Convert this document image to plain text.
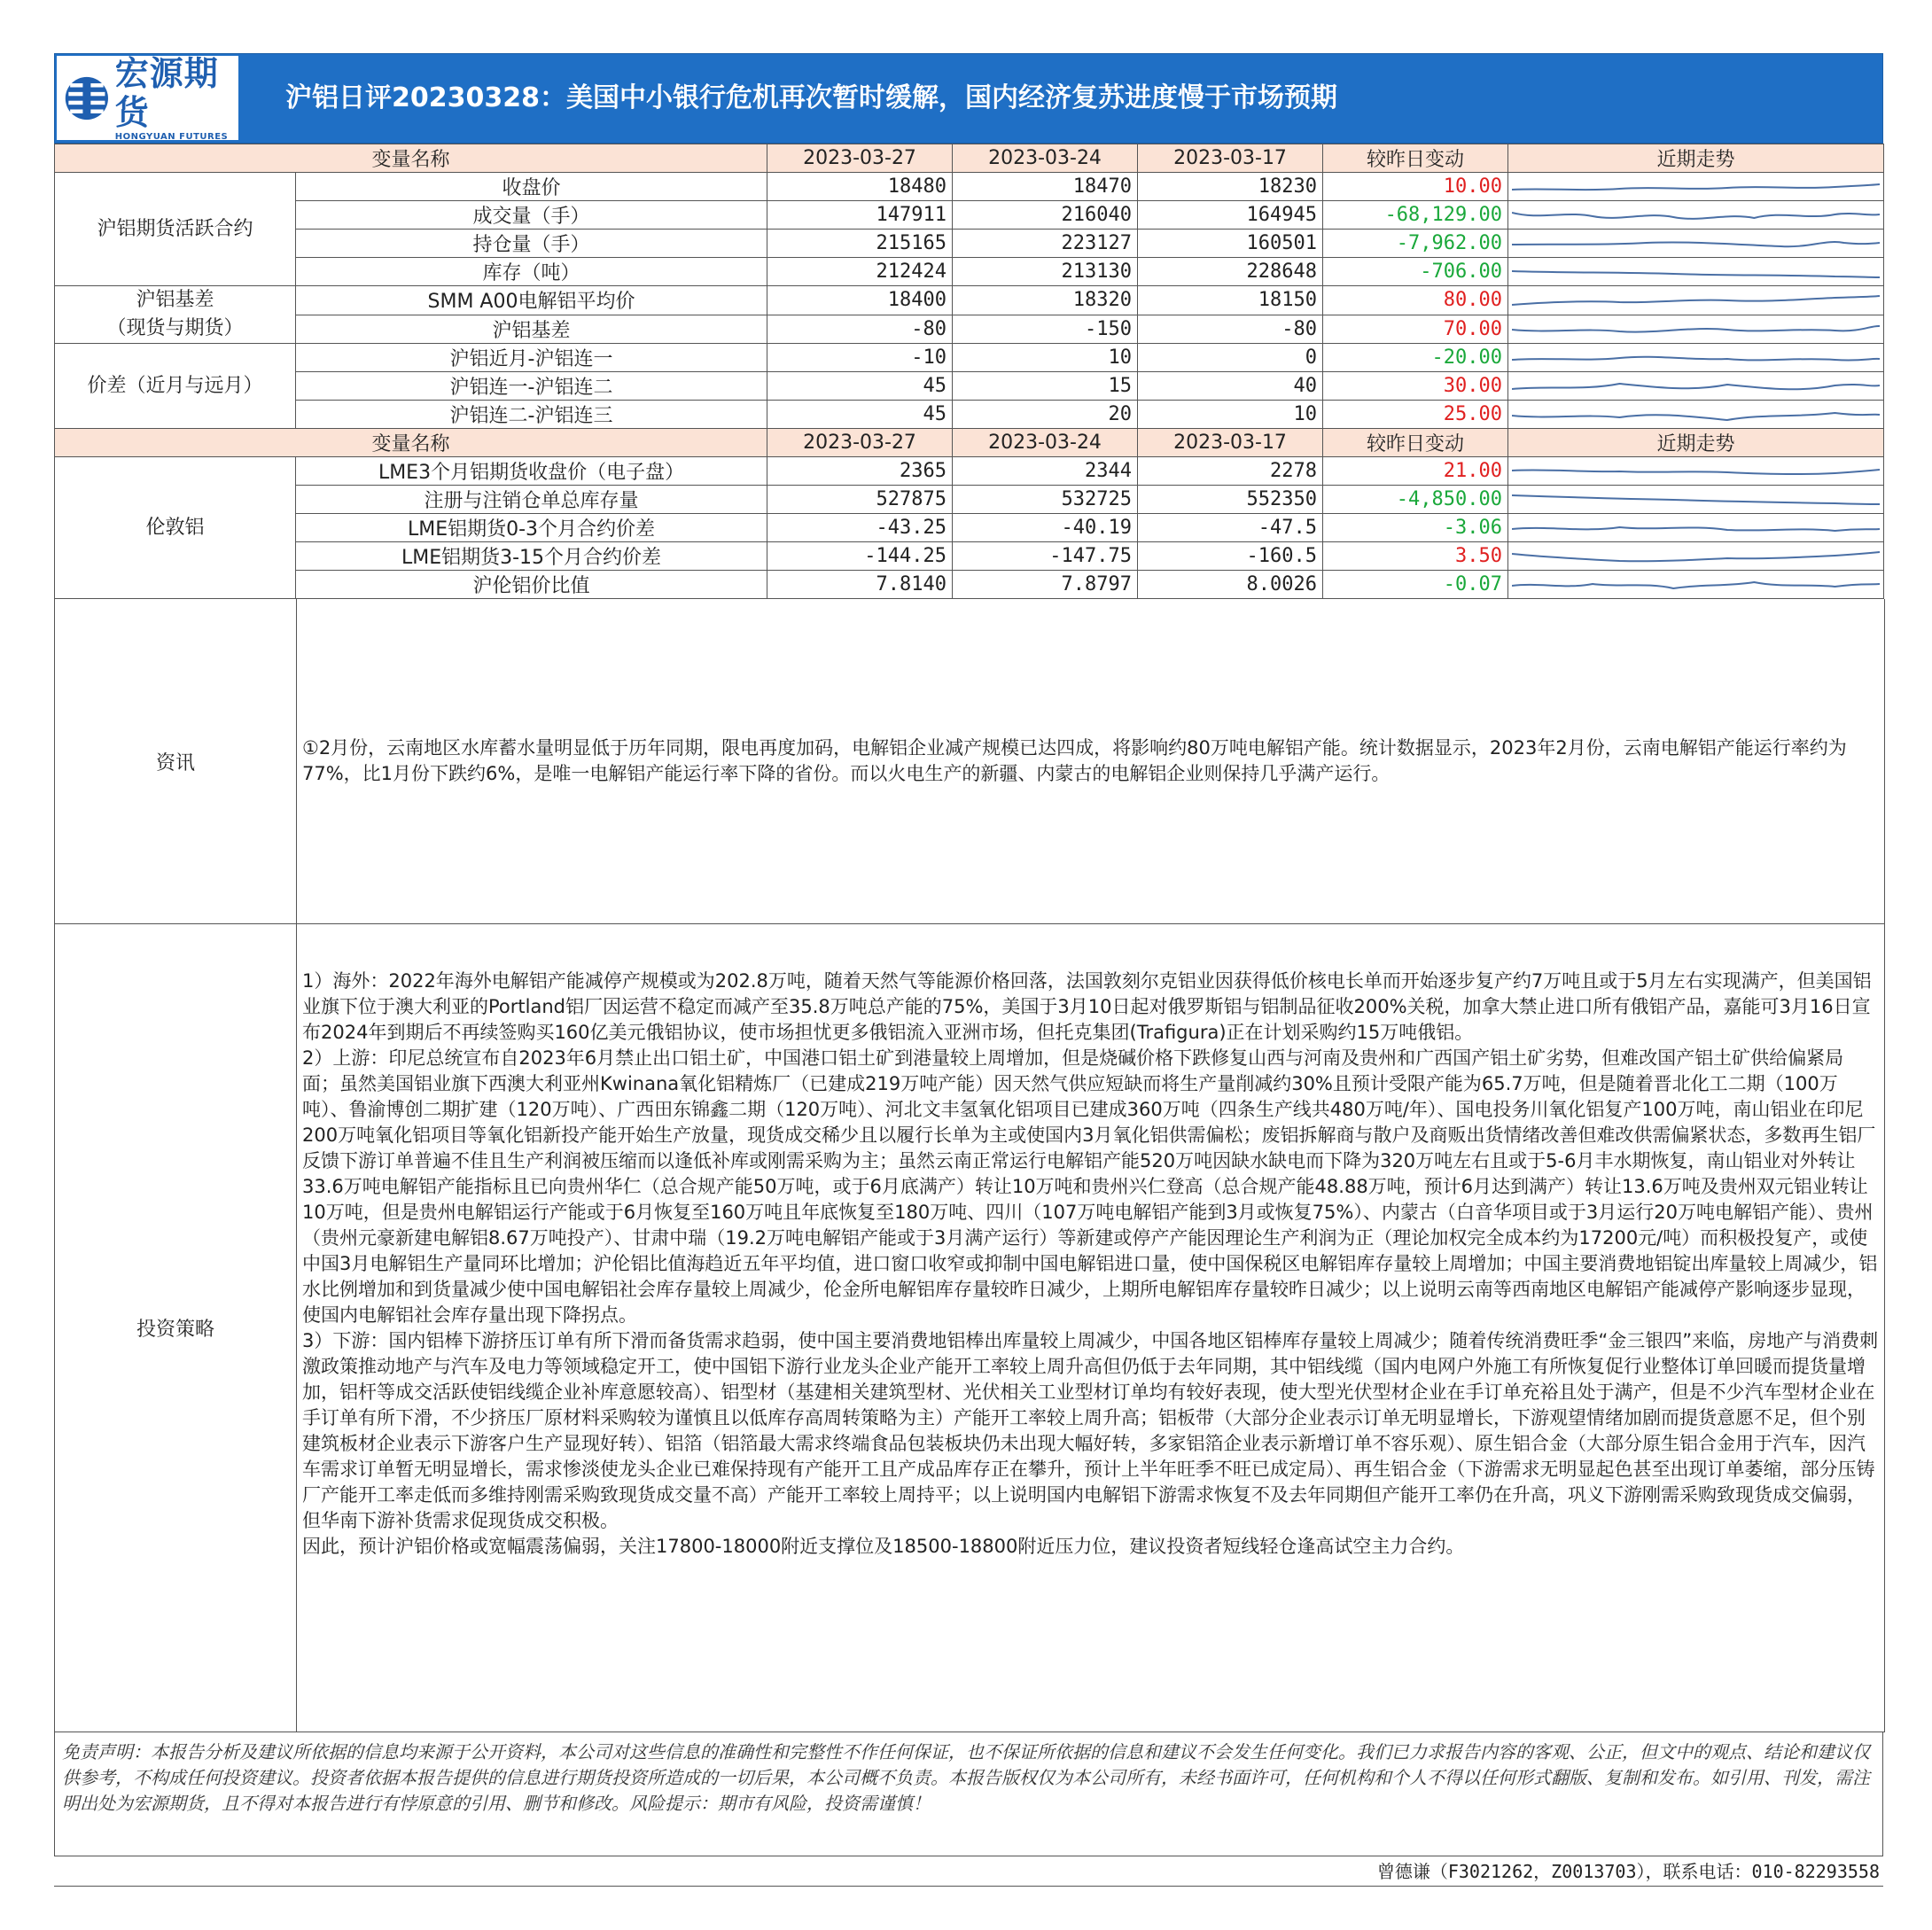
宏源期货
HONGYUAN FUTURES
沪铝日评20230328：美国中小银行危机再次暂时缓解，国内经济复苏进度慢于市场预期
变量名称		2023-03-27	2023-03-24	2023-03-17	较昨日变动	近期走势

沪铝期货活跃合约	收盘价	18480	18470	18230	10.00	

	成交量（手）	147911	216040	164945	-68,129.00	

	持仓量（手）	215165	223127	160501	-7,962.00	

	库存（吨）	212424	213130	228648	-706.00	

沪铝基差
（现货与期货）	SMM A00电解铝平均价	18400	18320	18150	80.00	

	沪铝基差	-80	-150	-80	70.00	

价差（近月与远月）	沪铝近月-沪铝连一	-10	10	0	-20.00	

	沪铝连一-沪铝连二	45	15	40	30.00	

	沪铝连二-沪铝连三	45	20	10	25.00	

变量名称		2023-03-27	2023-03-24	2023-03-17	较昨日变动	近期走势

伦敦铝	LME3个月铝期货收盘价（电子盘）	2365	2344	2278	21.00	

	注册与注销仓单总库存量	527875	532725	552350	-4,850.00	

	LME铝期货0-3个月合约价差	-43.25	-40.19	-47.5	-3.06	

	LME铝期货3-15个月合约价差	-144.25	-147.75	-160.5	3.50	

	沪伦铝价比值	7.8140	7.8797	8.0026	-0.07	
资讯
①2月份，云南地区水库蓄水量明显低于历年同期，限电再度加码，电解铝企业减产规模已达四成，将影响约80万吨电解铝产能。统计数据显示，2023年2月份，云南电解铝产能运行率约为77%，比1月份下跌约6%，是唯一电解铝产能运行率下降的省份。而以火电生产的新疆、内蒙古的电解铝企业则保持几乎满产运行。
投资策略

1）海外：2022年海外电解铝产能减停产规模或为202.8万吨，随着天然气等能源价格回落，法国敦刻尔克铝业因获得低价核电长单而开始逐步复产约7万吨且或于5月左右实现满产，但美国铝业旗下位于澳大利亚的Portland铝厂因运营不稳定而减产至35.8万吨总产能的75%，美国于3月10日起对俄罗斯铝与铝制品征收200%关税，加拿大禁止进口所有俄铝产品，嘉能可3月16日宣布2024年到期后不再续签购买160亿美元俄铝协议，使市场担忧更多俄铝流入亚洲市场，但托克集团(Trafigura)正在计划采购约15万吨俄铝。

2）上游：印尼总统宣布自2023年6月禁止出口铝土矿，中国港口铝土矿到港量较上周增加，但是烧碱价格下跌修复山西与河南及贵州和广西国产铝土矿劣势，但难改国产铝土矿供给偏紧局面；虽然美国铝业旗下西澳大利亚州Kwinana氧化铝精炼厂（已建成219万吨产能）因天然气供应短缺而将生产量削减约30%且预计受限产能为65.7万吨，但是随着晋北化工二期（100万吨）、鲁渝博创二期扩建（120万吨）、广西田东锦鑫二期（120万吨）、河北文丰氢氧化铝项目已建成360万吨（四条生产线共480万吨/年）、国电投务川氧化铝复产100万吨，南山铝业在印尼200万吨氧化铝项目等氧化铝新投产能开始生产放量，现货成交稀少且以履行长单为主或使国内3月氧化铝供需偏松；废铝拆解商与散户及商贩出货情绪改善但难改供需偏紧状态，多数再生铝厂反馈下游订单普遍不佳且生产利润被压缩而以逢低补库或刚需采购为主；虽然云南正常运行电解铝产能520万吨因缺水缺电而下降为320万吨左右且或于5-6月丰水期恢复，南山铝业对外转让33.6万吨电解铝产能指标且已向贵州华仁（总合规产能50万吨，或于6月底满产）转让10万吨和贵州兴仁登高（总合规产能48.88万吨，预计6月达到满产）转让13.6万吨及贵州双元铝业转让10万吨，但是贵州电解铝运行产能或于6月恢复至160万吨且年底恢复至180万吨、四川（107万吨电解铝产能到3月或恢复75%）、内蒙古（白音华项目或于3月运行20万吨电解铝产能）、贵州（贵州元豪新建电解铝8.67万吨投产）、甘肃中瑞（19.2万吨电解铝产能或于3月满产运行）等新建或停产产能因理论生产利润为正（理论加权完全成本约为17200元/吨）而积极投复产，或使中国3月电解铝生产量同环比增加；沪伦铝比值海趋近五年平均值，进口窗口收窄或抑制中国电解铝进口量，使中国保税区电解铝库存量较上周增加；中国主要消费地铝锭出库量较上周减少，铝水比例增加和到货量减少使中国电解铝社会库存量较上周减少，伦金所电解铝库存量较昨日减少，上期所电解铝库存量较昨日减少；以上说明云南等西南地区电解铝产能减停产影响逐步显现，使国内电解铝社会库存量出现下降拐点。

3）下游：国内铝棒下游挤压订单有所下滑而备货需求趋弱，使中国主要消费地铝棒出库量较上周减少，中国各地区铝棒库存量较上周减少；随着传统消费旺季“金三银四”来临，房地产与消费刺激政策推动地产与汽车及电力等领域稳定开工，使中国铝下游行业龙头企业产能开工率较上周升高但仍低于去年同期，其中铝线缆（国内电网户外施工有所恢复促行业整体订单回暖而提货量增加，铝杆等成交活跃使铝线缆企业补库意愿较高）、铝型材（基建相关建筑型材、光伏相关工业型材订单均有较好表现，使大型光伏型材企业在手订单充裕且处于满产，但是不少汽车型材企业在手订单有所下滑，不少挤压厂原材料采购较为谨慎且以低库存高周转策略为主）产能开工率较上周升高；铝板带（大部分企业表示订单无明显增长，下游观望情绪加剧而提货意愿不足，但个别建筑板材企业表示下游客户生产显现好转）、铝箔（铝箔最大需求终端食品包装板块仍未出现大幅好转，多家铝箔企业表示新增订单不容乐观）、原生铝合金（大部分原生铝合金用于汽车，因汽车需求订单暂无明显增长，需求惨淡使龙头企业已难保持现有产能开工且产成品库存正在攀升，预计上半年旺季不旺已成定局）、再生铝合金（下游需求无明显起色甚至出现订单萎缩，部分压铸厂产能开工率走低而多维持刚需采购致现货成交量不高）产能开工率较上周持平；以上说明国内电解铝下游需求恢复不及去年同期但产能开工率仍在升高，巩义下游刚需采购致现货成交偏弱，但华南下游补货需求促现货成交积极。

因此，预计沪铝价格或宽幅震荡偏弱，关注17800-18000附近支撑位及18500-18800附近压力位，建议投资者短线轻仓逢高试空主力合约。

免责声明：本报告分析及建议所依据的信息均来源于公开资料，本公司对这些信息的准确性和完整性不作任何保证，也不保证所依据的信息和建议不会发生任何变化。我们已力求报告内容的客观、公正，但文中的观点、结论和建议仅供参考，不构成任何投资建议。投资者依据本报告提供的信息进行期货投资所造成的一切后果，本公司概不负责。本报告版权仅为本公司所有，未经书面许可，任何机构和个人不得以任何形式翻版、复制和发布。如引用、刊发，需注明出处为宏源期货，且不得对本报告进行有悖原意的引用、删节和修改。风险提示：期市有风险，投资需谨慎！
曾德谦（F3021262，Z0013703），联系电话：010-82293558
